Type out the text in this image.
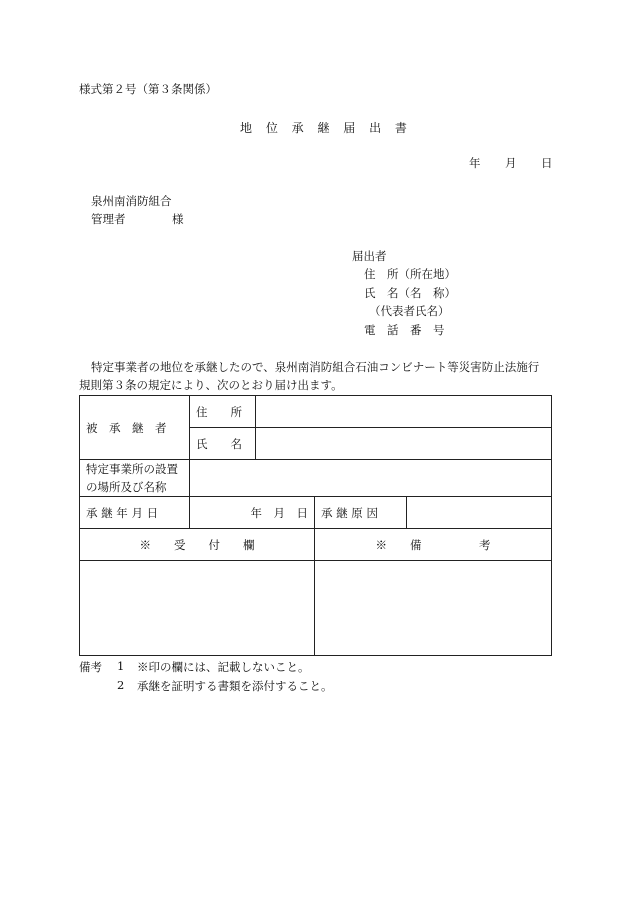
様式第２号（第３条関係）
地 位 承 継 届 出 書
年 月 日
泉州南消防組合
管理者	様
届出者
住　所（所在地）
氏　名（名　称）
（代表者氏名）
電　話　番　号
特定事業者の地位を承継したので、泉州南消防組合石油コンビナート等災害防止法施行
規則第３条の規定により、次のとおり届け出ます。
被　承　継　者	住　　所			
	氏　　名			

特定事業所の設置
の場所及び名称				

承 継 年 月 日	年　月　日		承 継 原 因	
※　　受　　付　　欄			※　　備　　　　　考	

備考 1 ※印の欄には、記載しないこと。
2 承継を証明する書類を添付すること。
